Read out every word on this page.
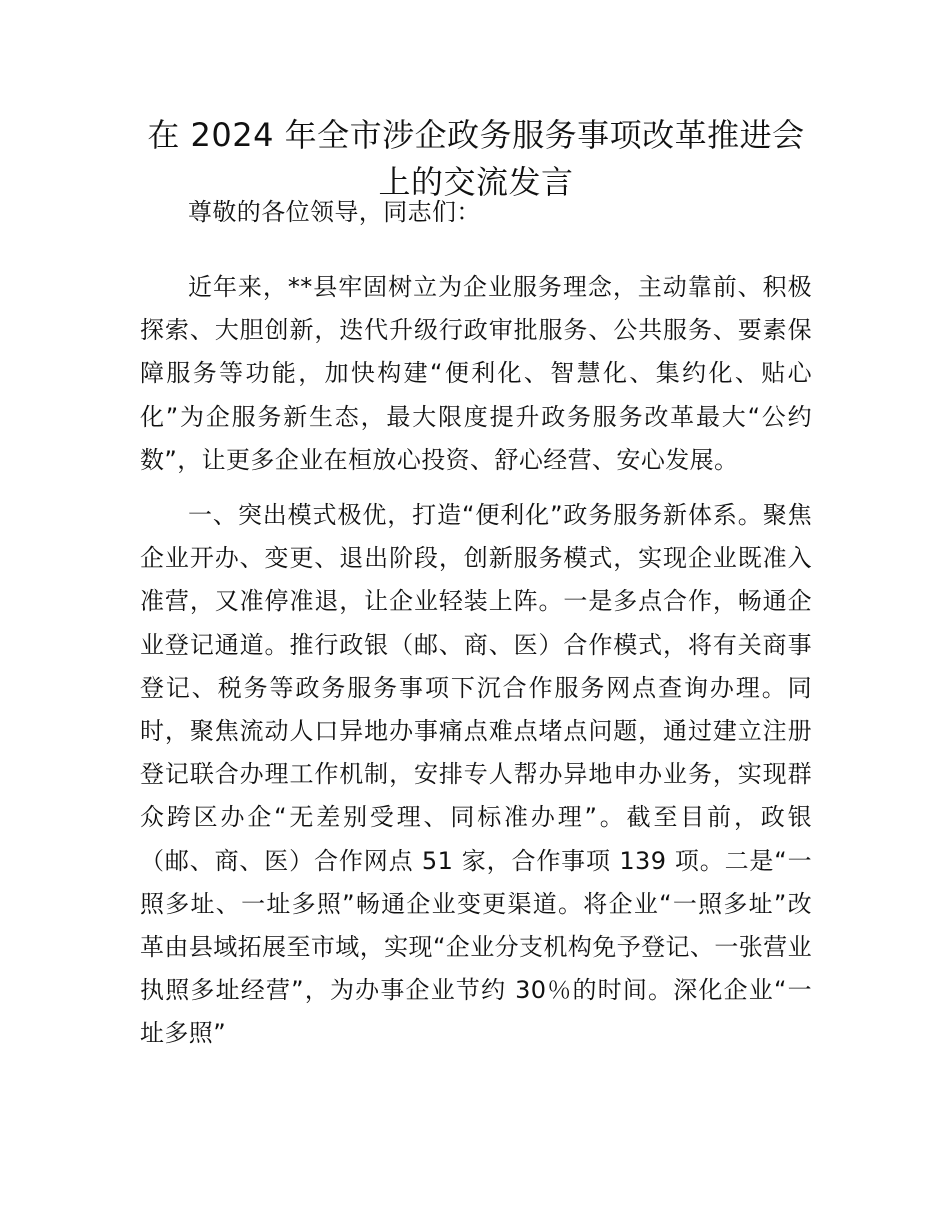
在 2024 年全市涉企政务服务事项改革推进会上的交流发言

尊敬的各位领导，同志们：

近年来，**县牢固树立为企业服务理念，主动靠前、积极探索、大胆创新，迭代升级行政审批服务、公共服务、要素保障服务等功能，加快构建“便利化、智慧化、集约化、贴心化”为企服务新生态，最大限度提升政务服务改革最大“公约数”，让更多企业在桓放心投资、舒心经营、安心发展。

一、突出模式极优，打造“便利化”政务服务新体系。聚焦企业开办、变更、退出阶段，创新服务模式，实现企业既准入准营，又准停准退，让企业轻装上阵。一是多点合作，畅通企业登记通道。推行政银（邮、商、医）合作模式，将有关商事登记、税务等政务服务事项下沉合作服务网点查询办理。同时，聚焦流动人口异地办事痛点难点堵点问题，通过建立注册登记联合办理工作机制，安排专人帮办异地申办业务，实现群众跨区办企“无差别受理、同标准办理”。截至目前，政银（邮、商、医）合作网点 51 家，合作事项 139 项。二是“一照多址、一址多照”畅通企业变更渠道。将企业“一照多址”改革由县域拓展至市域，实现“企业分支机构免予登记、一张营业执照多址经营”，为办事企业节约 30％的时间。深化企业“一址多照”
